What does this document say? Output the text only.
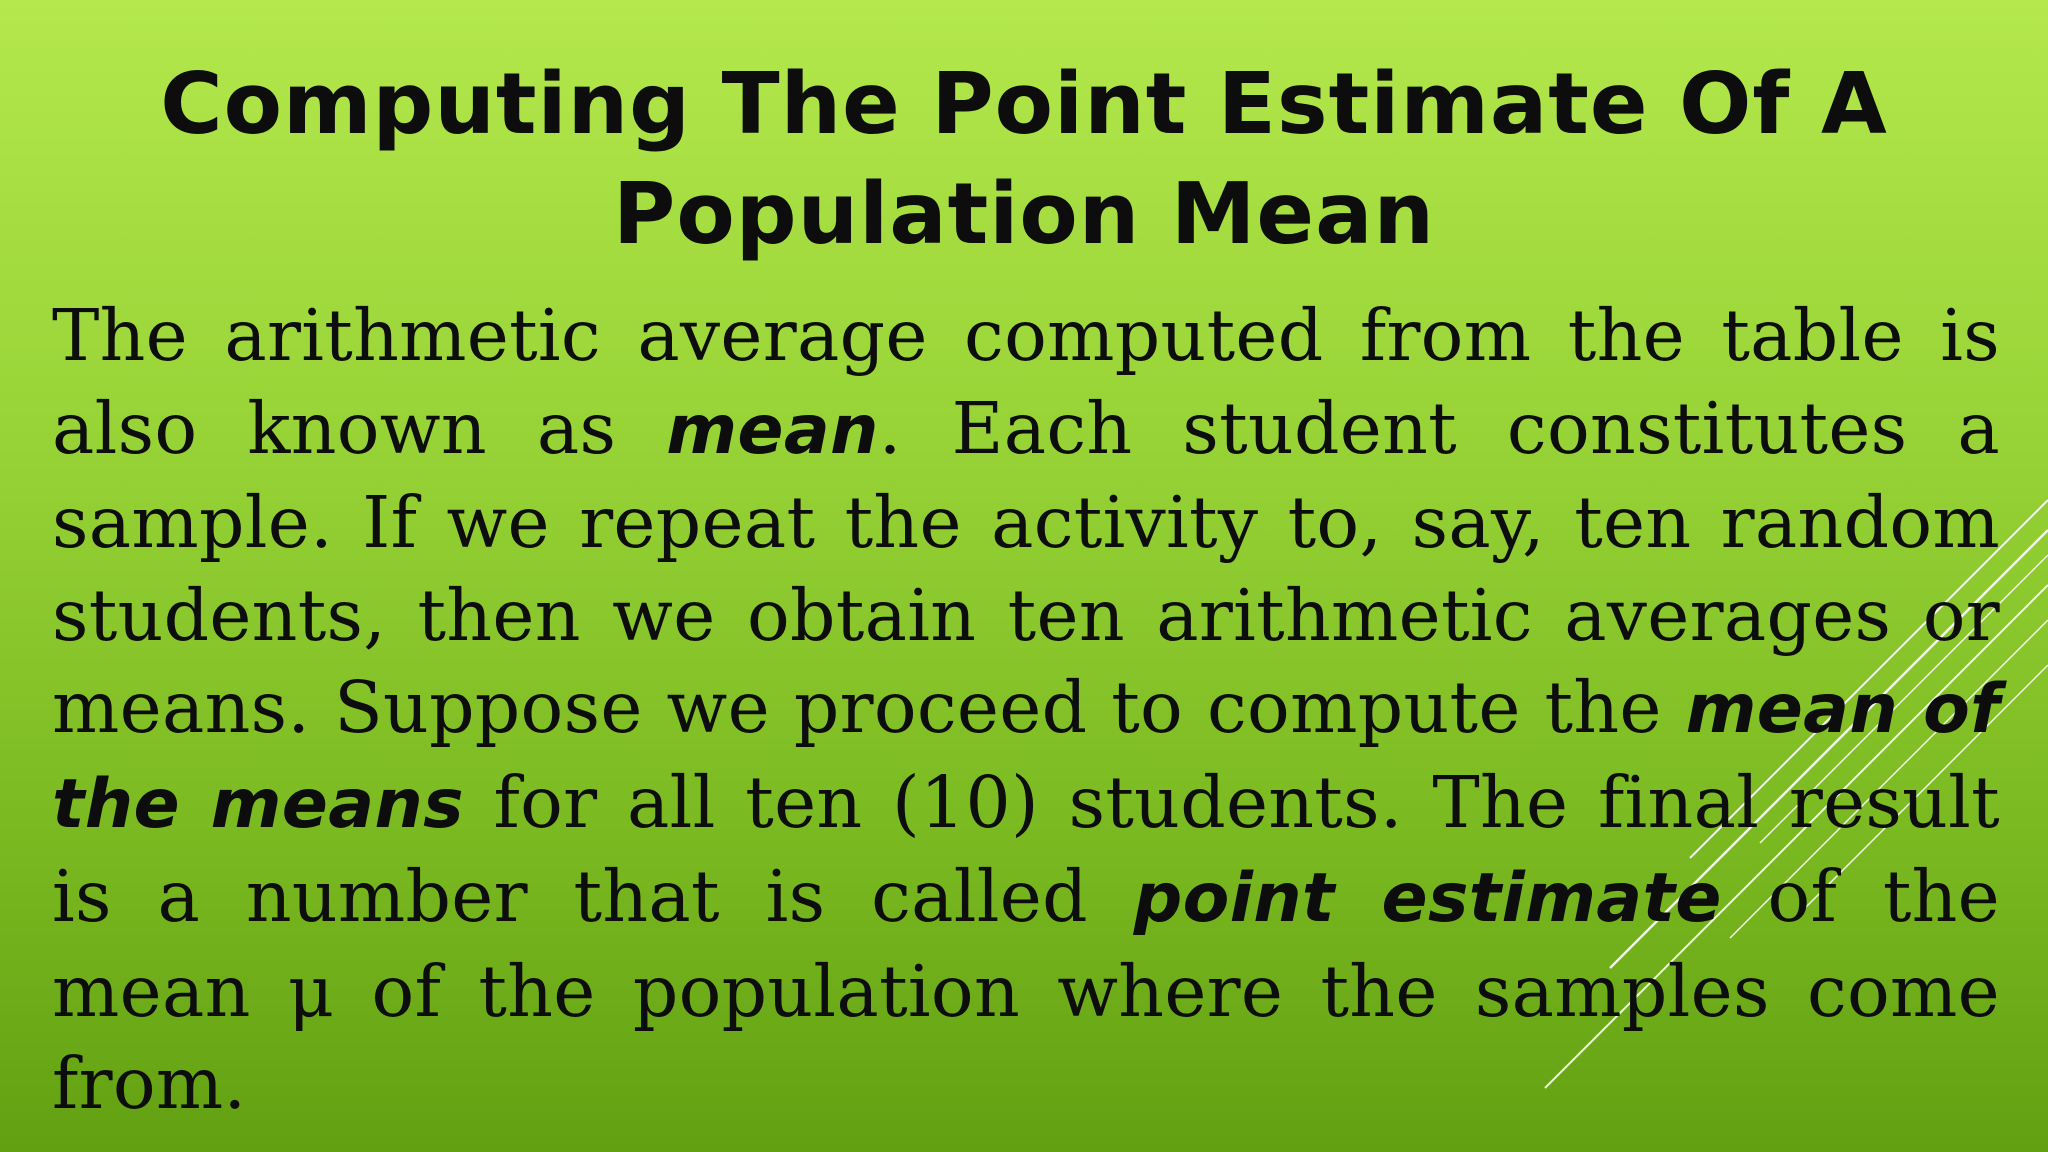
Computing The Point Estimate Of A Population Mean

The arithmetic average computed from the table is also known as mean. Each student constitutes a sample. If we repeat the activity to, say, ten random students, then we obtain ten arithmetic averages or means. Suppose we proceed to compute the mean of the means for all ten (10) students. The final result is a number that is called point estimate of the mean μ of the population where the samples come from.
